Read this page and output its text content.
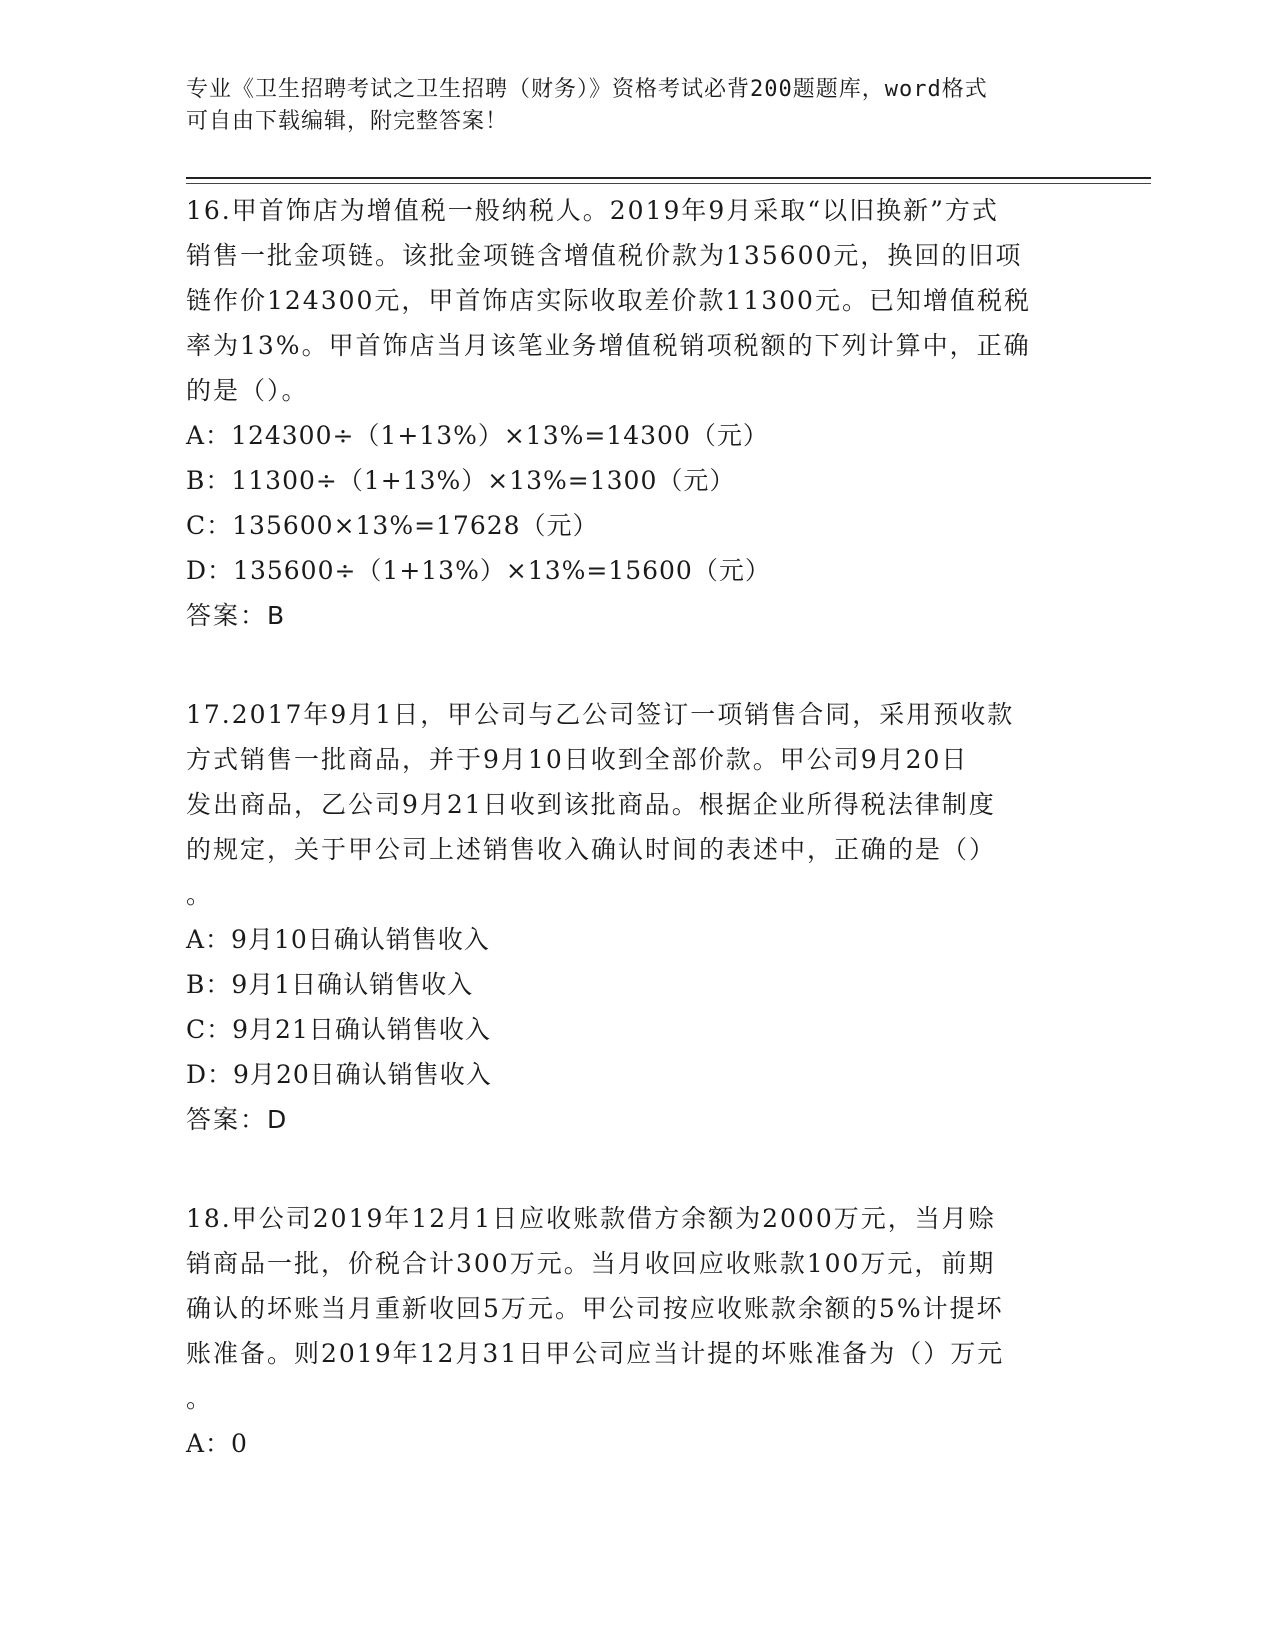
专业《卫生招聘考试之卫生招聘（财务）》资格考试必背200题题库，word格式
可自由下载编辑，附完整答案！
16.甲首饰店为增值税一般纳税人。2019年9月采取“以旧换新”方式
销售一批金项链。该批金项链含增值税价款为135600元，换回的旧项
链作价124300元，甲首饰店实际收取差价款11300元。已知增值税税
率为13%。甲首饰店当月该笔业务增值税销项税额的下列计算中，正确
的是（）。
A：124300÷（1+13%）×13%=14300（元）
B：11300÷（1+13%）×13%=1300（元）
C：135600×13%=17628（元）
D：135600÷（1+13%）×13%=15600（元）
答案：B
17.2017年9月1日，甲公司与乙公司签订一项销售合同，采用预收款
方式销售一批商品，并于9月10日收到全部价款。甲公司9月20日
发出商品，乙公司9月21日收到该批商品。根据企业所得税法律制度
的规定，关于甲公司上述销售收入确认时间的表述中，正确的是（）
。
A：9月10日确认销售收入
B：9月1日确认销售收入
C：9月21日确认销售收入
D：9月20日确认销售收入
答案：D
18.甲公司2019年12月1日应收账款借方余额为2000万元，当月赊
销商品一批，价税合计300万元。当月收回应收账款100万元，前期
确认的坏账当月重新收回5万元。甲公司按应收账款余额的5%计提坏
账准备。则2019年12月31日甲公司应当计提的坏账准备为（）万元
。
A：0
